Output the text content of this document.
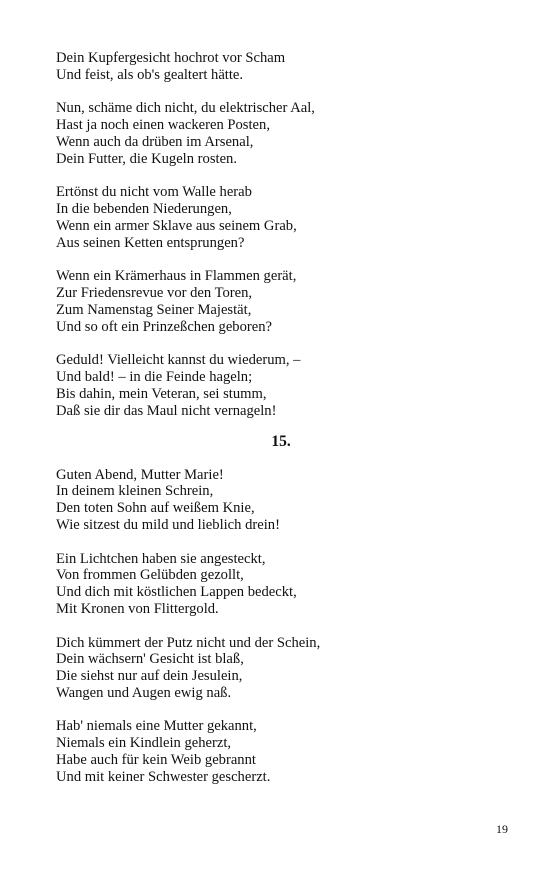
Dein Kupfergesicht hochrot vor Scham
Und feist, als ob's gealtert hätte.
Nun, schäme dich nicht, du elektrischer Aal,
Hast ja noch einen wackeren Posten,
Wenn auch da drüben im Arsenal,
Dein Futter, die Kugeln rosten.
Ertönst du nicht vom Walle herab
In die bebenden Niederungen,
Wenn ein armer Sklave aus seinem Grab,
Aus seinen Ketten entsprungen?
Wenn ein Krämerhaus in Flammen gerät,
Zur Friedensrevue vor den Toren,
Zum Namenstag Seiner Majestät,
Und so oft ein Prinzeßchen geboren?
Geduld! Vielleicht kannst du wiederum, –
Und bald! – in die Feinde hageln;
Bis dahin, mein Veteran, sei stumm,
Daß sie dir das Maul nicht vernageln!
15.
Guten Abend, Mutter Marie!
In deinem kleinen Schrein,
Den toten Sohn auf weißem Knie,
Wie sitzest du mild und lieblich drein!
Ein Lichtchen haben sie angesteckt,
Von frommen Gelübden gezollt,
Und dich mit köstlichen Lappen bedeckt,
Mit Kronen von Flittergold.
Dich kümmert der Putz nicht und der Schein,
Dein wächsern' Gesicht ist blaß,
Die siehst nur auf dein Jesulein,
Wangen und Augen ewig naß.
Hab' niemals eine Mutter gekannt,
Niemals ein Kindlein geherzt,
Habe auch für kein Weib gebrannt
Und mit keiner Schwester gescherzt.
19
